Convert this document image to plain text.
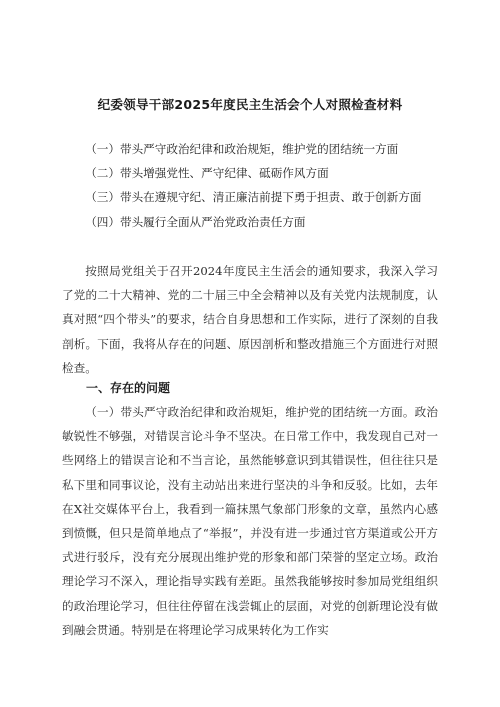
纪委领导干部2025年度民主生活会个人对照检查材料
（一）带头严守政治纪律和政治规矩，维护党的团结统一方面
（二）带头增强党性、严守纪律、砥砺作风方面
（三）带头在遵规守纪、清正廉洁前提下勇于担责、敢于创新方面
（四）带头履行全面从严治党政治责任方面
按照局党组关于召开2024年度民主生活会的通知要求，我深入学习了党的二十大精神、党的二十届三中全会精神以及有关党内法规制度，认真对照“四个带头”的要求，结合自身思想和工作实际，进行了深刻的自我剖析。下面，我将从存在的问题、原因剖析和整改措施三个方面进行对照检查。
一、存在的问题
（一）带头严守政治纪律和政治规矩，维护党的团结统一方面。政治敏锐性不够强，对错误言论斗争不坚决。在日常工作中，我发现自己对一些网络上的错误言论和不当言论，虽然能够意识到其错误性，但往往只是私下里和同事议论，没有主动站出来进行坚决的斗争和反驳。比如，去年在X社交媒体平台上，我看到一篇抹黑气象部门形象的文章，虽然内心感到愤慨，但只是简单地点了“举报”，并没有进一步通过官方渠道或公开方式进行驳斥，没有充分展现出维护党的形象和部门荣誉的坚定立场。政治理论学习不深入，理论指导实践有差距。虽然我能够按时参加局党组组织的政治理论学习，但往往停留在浅尝辄止的层面，对党的创新理论没有做到融会贯通。特别是在将理论学习成果转化为工作实
